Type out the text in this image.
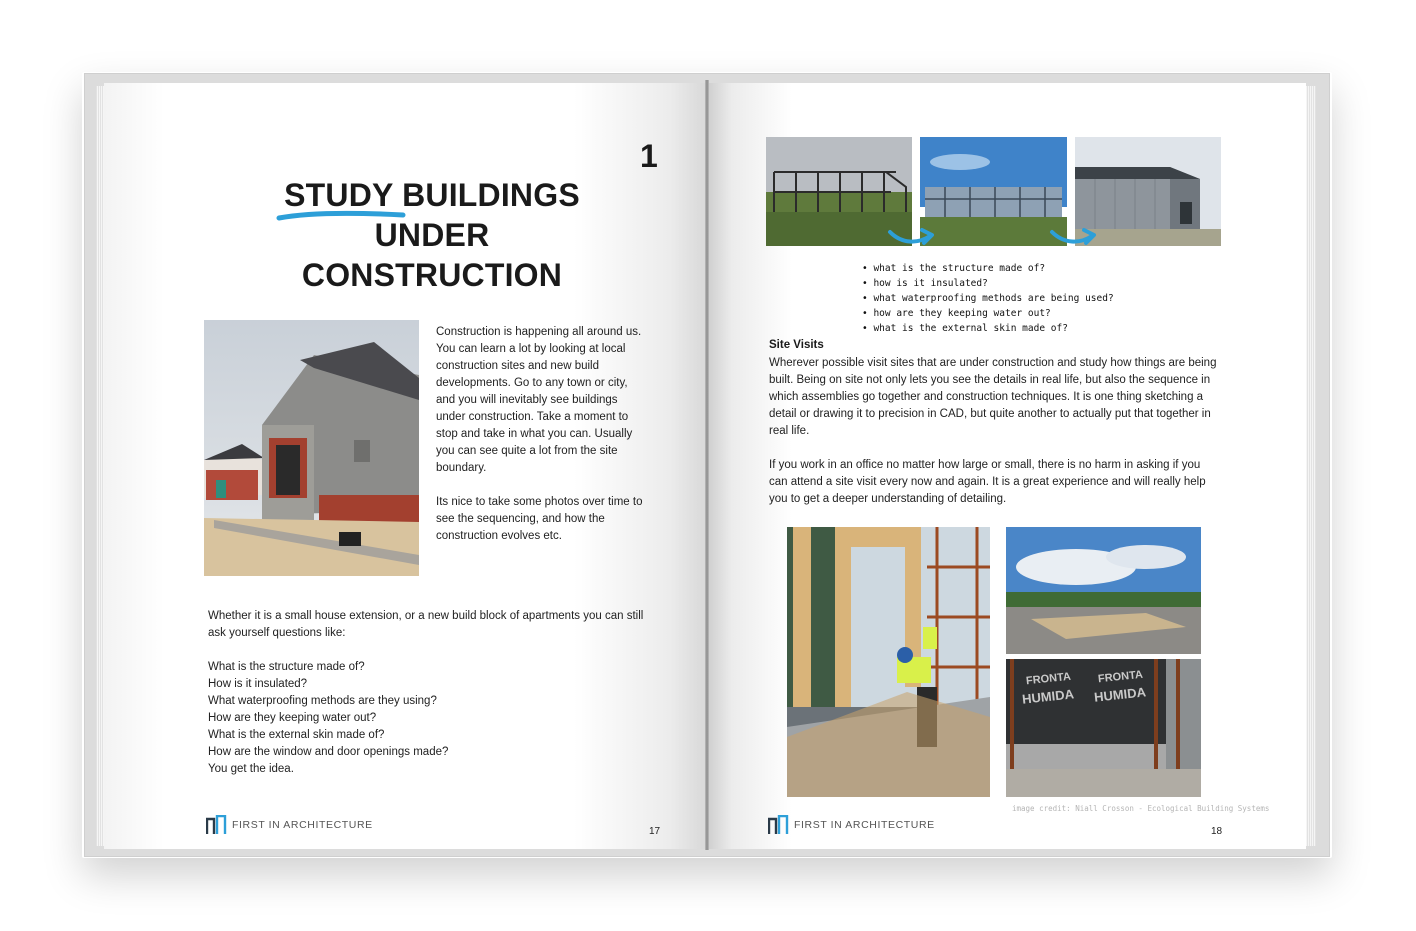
1
STUDY BUILDINGS
UNDER
CONSTRUCTION

Construction is happening all around us. You can learn a lot by looking at local construction sites and new build developments. Go to any town or city, and you will inevitably see buildings under construction. Take a moment to stop and take in what you can. Usually you can see quite a lot from the site boundary.

Its nice to take some photos over time to see the sequencing, and how the construction evolves etc.

Whether it is a small house extension, or a new build block of apartments you can still ask yourself questions like:

What is the structure made of?
How is it insulated?
What waterproofing methods are they using?
How are they keeping water out?
What is the external skin made of?
How are the window and door openings made?
You get the idea.
FIRST IN ARCHITECTURE
17
• what is the structure made of?
• how is it insulated?
• what waterproofing methods are being used?
• how are they keeping water out?
• what is the external skin made of?
Site Visits

Wherever possible visit sites that are under construction and study how things are being built. Being on site not only lets you see the details in real life, but also the sequence in which assemblies go together and construction techniques. It is one thing sketching a detail or drawing it to precision in CAD, but quite another to actually put that together in real life.

If you work in an office no matter how large or small, there is no harm in asking if you can attend a site visit every now and again. It is a great experience and will really help you to get a deeper understanding of detailing.

FRONTA
HUMIDA
FRONTA
HUMIDA
image credit: Niall Crosson - Ecological Building Systems
FIRST IN ARCHITECTURE
18
